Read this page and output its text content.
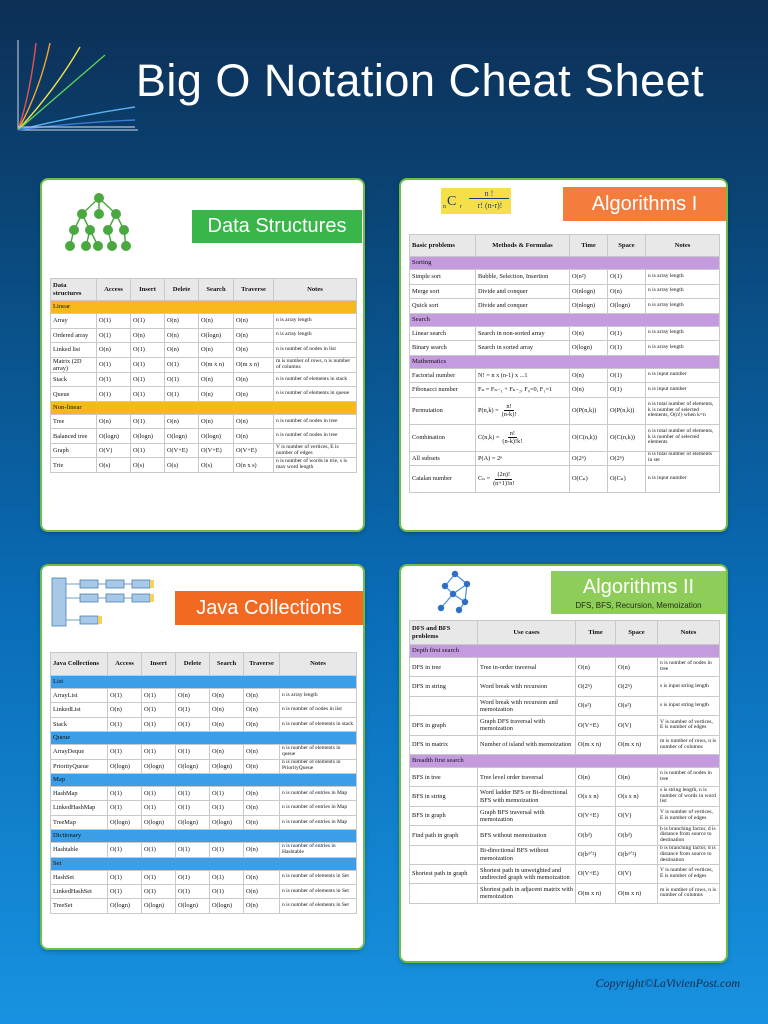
Big O Notation Cheat Sheet
Data Structures
Data structures	Access	Insert	Delete	Search	Traverse	Notes
Linear						
Array	O(1)	O(1)	O(n)	O(n)	O(n)	n is array length
Ordered array	O(1)	O(n)	O(n)	O(logn)	O(n)	n is array length
Linked list	O(n)	O(1)	O(n)	O(n)	O(n)	n is number of nodes in list
Matrix (2D array)	O(1)	O(1)	O(1)	O(m x n)	O(m x n)	m is number of rows, n is number of columns
Stack	O(1)	O(1)	O(1)	O(n)	O(n)	n is number of elements in stack
Queue	O(1)	O(1)	O(1)	O(n)	O(n)	n is number of elements in queue
Non-linear						
Tree	O(n)	O(1)	O(n)	O(n)	O(n)	n is number of nodes in tree
Balanced tree	O(logn)	O(logn)	O(logn)	O(logn)	O(n)	n is number of nodes in tree
Graph	O(V)	O(1)	O(V+E)	O(V+E)	O(V+E)	V is number of vertices, E is number of edges
Trie	O(s)	O(s)	O(s)	O(s)	O(n x s)	n is number of words in trie, s is max word length
C
n r
n !
r! (n-r)!	Algorithms I
Basic problems	Methods & Formulas	Time	Space	Notes
Sorting				
Simple sort	Bubble, Selection, Insertion	O(n²)	O(1)	n is array length
Merge sort	Divide and conquer	O(nlogn)	O(n)	n is array length
Quick sort	Divide and conquer	O(nlogn)	O(logn)	n is array length
Search				
Linear search	Search in non-sorted array	O(n)	O(1)	n is array length
Binary search	Search in sorted array	O(logn)	O(1)	n is array length
Mathematics				
Factorial number	N! = n x (n-1) x ...1	O(n)	O(1)	n is input number
Fibonacci number	Fₙ = Fₙ₋₁ + Fₙ₋₂, F₀=0, F₁=1	O(n)	O(1)	n is input number
Permutation	$P(n,k) = \frac{n!}{(n-k)!}$	O(P(n,k))	O(P(n,k))	n is total number of elements, k is number of selected elements, O(n!) when k=n
Combination	$C(n,k) = \frac{n!}{(n-k)!k!}$	O(C(n,k))	O(C(n,k))	n is total number of elements, k is number of selected elements
All subsets	P(A) = 2ⁿ	O(2ⁿ)	O(2ⁿ)	n is total number of elements in set
Catalan number	$C_n = \frac{(2n)!}{(n+1)!n!}$	O(Cₙ)	O(Cₙ)	n is input number
Java Collections
Java Collections	Access	Insert	Delete	Search	Traverse	Notes
List						
ArrayList	O(1)	O(1)	O(n)	O(n)	O(n)	n is array length
LinkedList	O(n)	O(1)	O(1)	O(n)	O(n)	n is number of nodes in list
Stack	O(1)	O(1)	O(1)	O(n)	O(n)	n is number of elements in stack
Queue						
ArrayDeque	O(1)	O(1)	O(1)	O(n)	O(n)	n is number of elements in queue
PriorityQueue	O(logn)	O(logn)	O(logn)	O(logn)	O(n)	n is number of elements in PriorityQueue
Map						
HashMap	O(1)	O(1)	O(1)	O(1)	O(n)	n is number of entries in Map
LinkedHashMap	O(1)	O(1)	O(1)	O(1)	O(n)	n is number of entries in Map
TreeMap	O(logn)	O(logn)	O(logn)	O(logn)	O(n)	n is number of entries in Map
Dictionary						
Hashtable	O(1)	O(1)	O(1)	O(1)	O(n)	n is number of entries in Hashtable
Set						
HashSet	O(1)	O(1)	O(1)	O(1)	O(n)	n is number of elements in Set
LinkedHashSet	O(1)	O(1)	O(1)	O(1)	O(n)	n is number of elements in Set
TreeSet	O(logn)	O(logn)	O(logn)	O(logn)	O(n)	n is number of elements in Set
Algorithms II
DFS, BFS, Recursion, Memoization
DFS and BFS problems	Use cases	Time	Space	Notes
Depth first search				
DFS in tree	Tree in-order traversal	O(n)	O(n)	n is number of nodes in tree
DFS in string	Word break with recursion	O(2ⁿ)	O(2ⁿ)	s is input string length
	Word break with recursion and memoization	O(s²)	O(s²)	s is input string length
DFS in graph	Graph DFS traversal with memoization	O(V+E)	O(V)	V is number of vertices, E is number of edges
DFS in matrix	Number of island with memoization	O(m x n)	O(m x n)	m is number of rows, n is number of columns
Breadth first search				
BFS in tree	Tree level order traversal	O(n)	O(n)	n is number of nodes in tree
BFS in string	Word ladder BFS or Bi-directional BFS with memoization	O(s x n)	O(s x n)	s is string length, n is number of words in word list
BFS in graph	Graph BFS traversal with memoization	O(V+E)	O(V)	V is number of vertices, E is number of edges
Find path in graph	BFS without memoization	O(bᵈ)	O(bᵈ)	b is branching factor, d is distance from source to destination
	Bi-directional BFS without memoization	O(bᵈᐟ²)	O(bᵈᐟ²)	b is branching factor, d is distance from source to destination
Shortest path in graph	Shortest path in unweighted and undirected graph with memoization	O(V+E)	O(V)	V is number of vertices, E is number of edges
	Shortest path in adjacent matrix with memoization	O(m x n)	O(m x n)	m is number of rows, n is number of columns
Copyright©LaVivienPost.com
